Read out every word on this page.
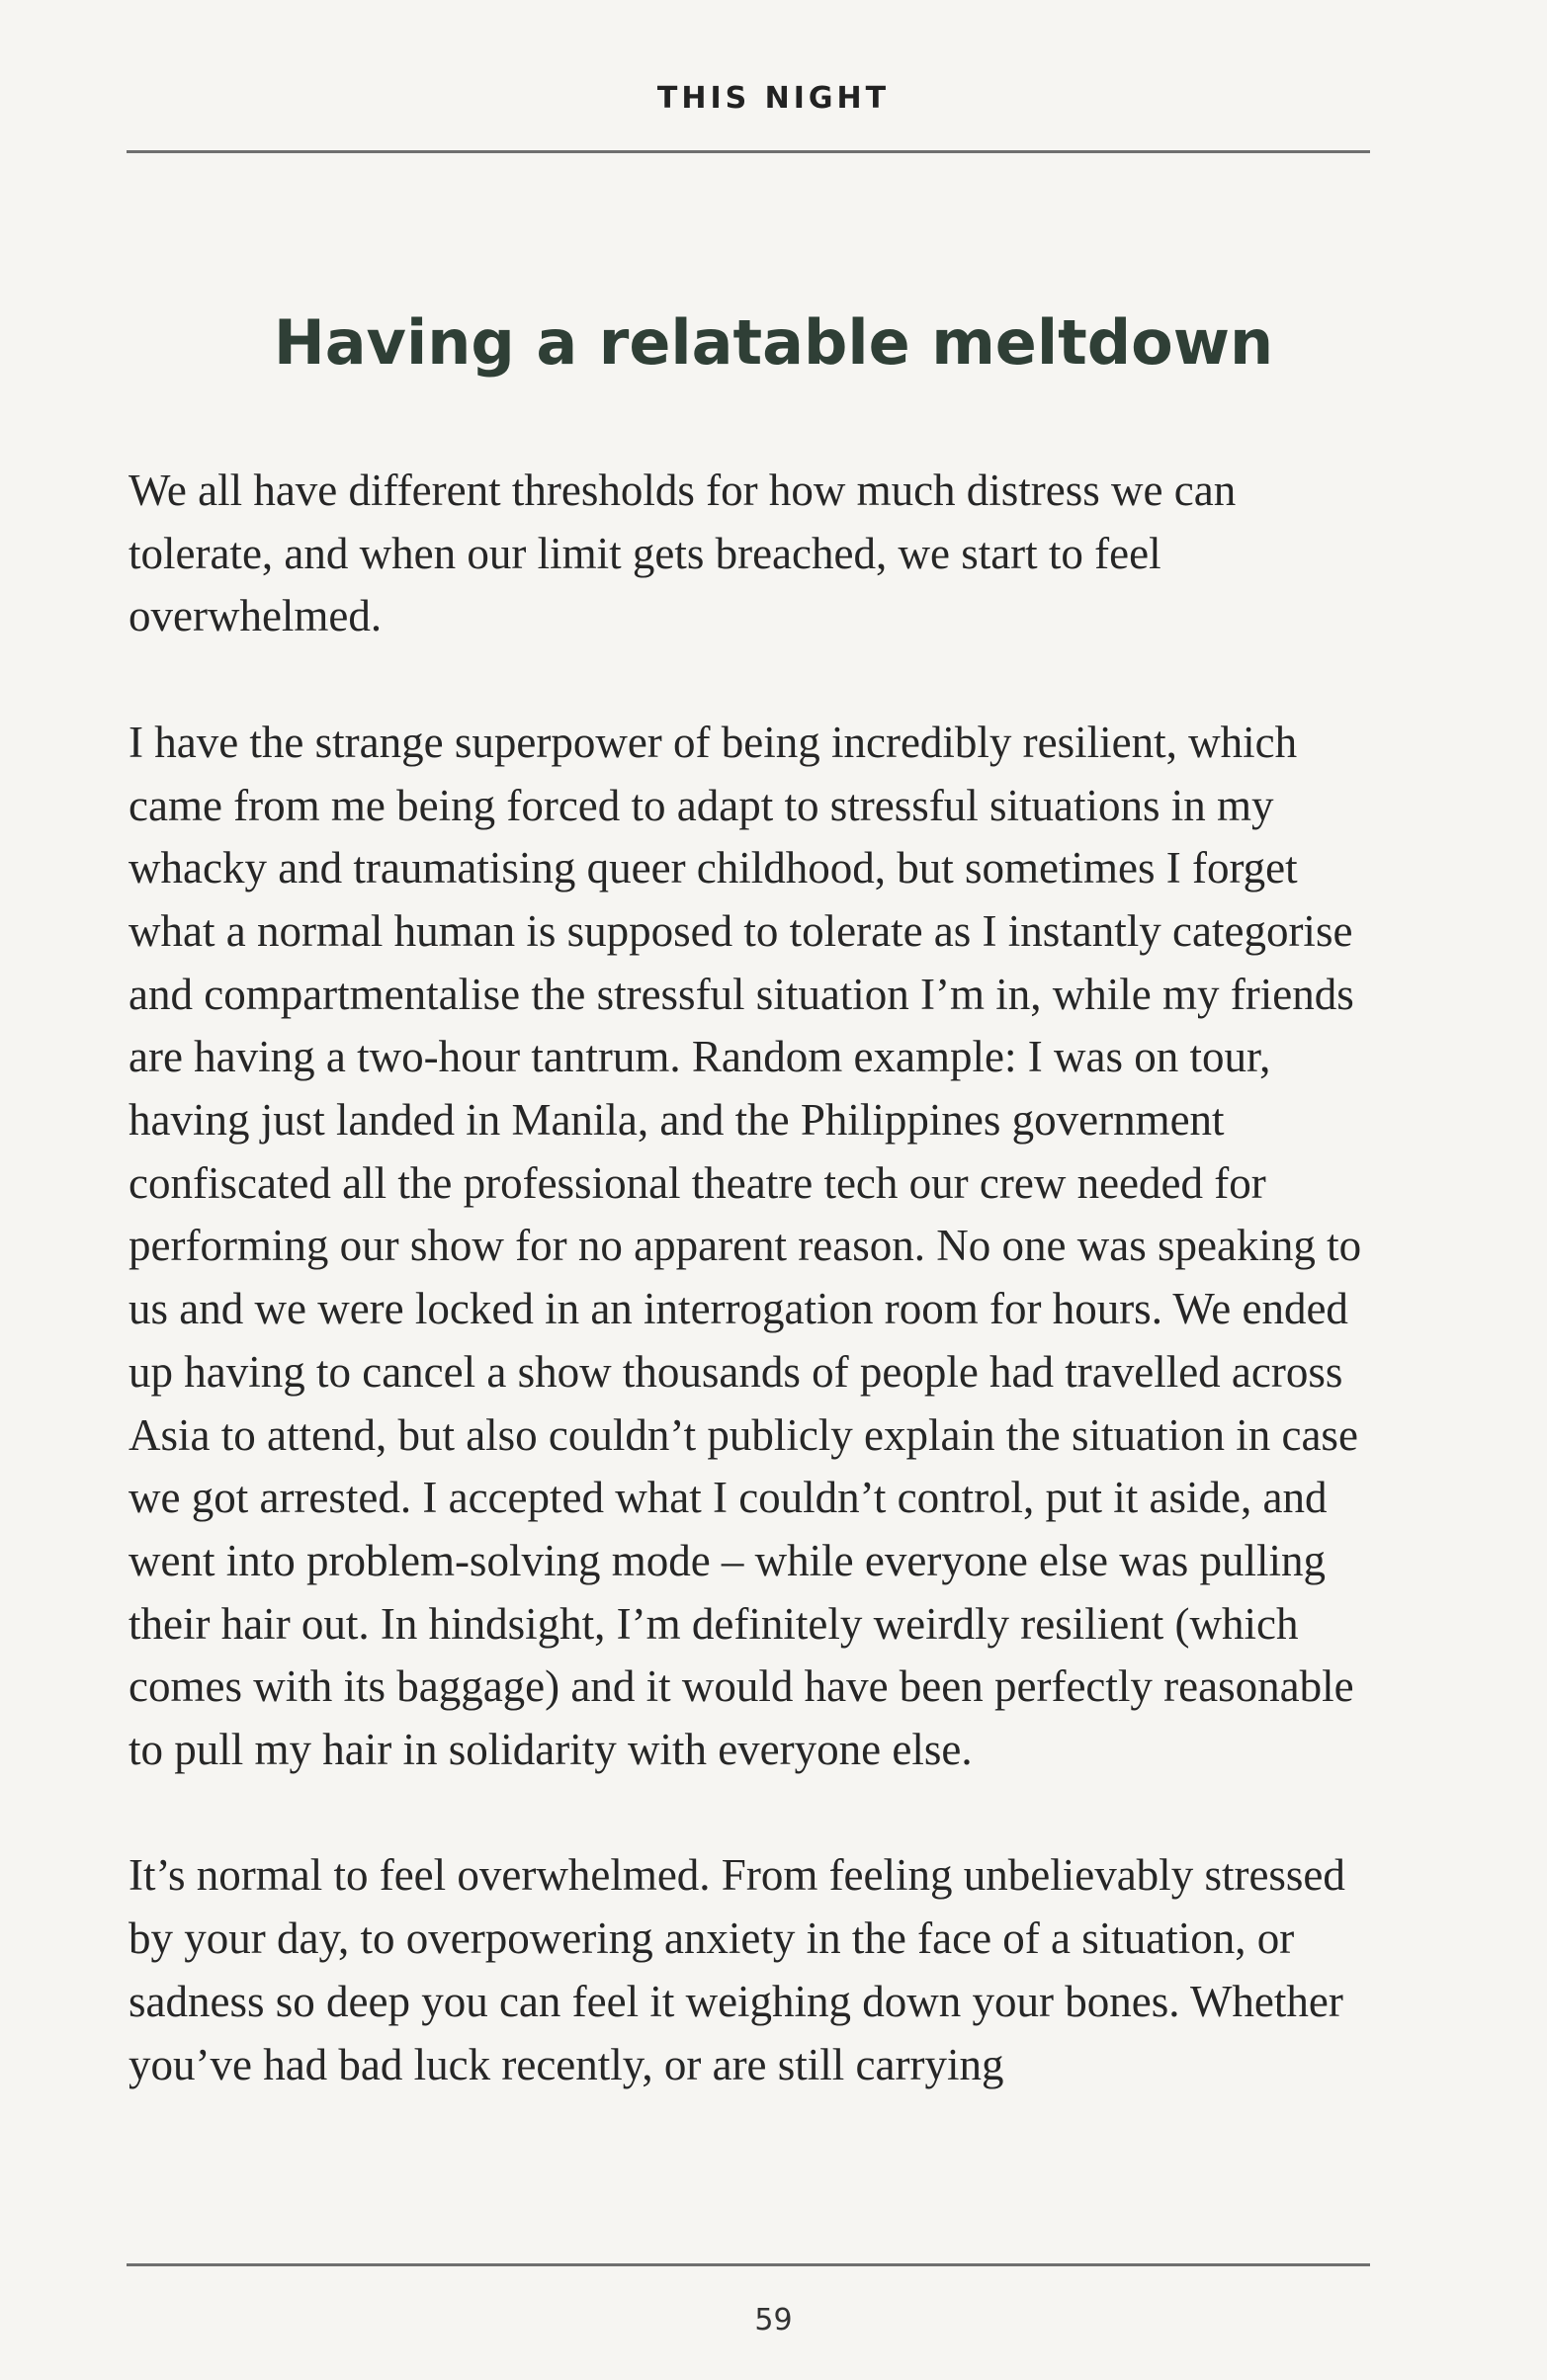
THIS NIGHT
Having a relatable meltdown

We all have different thresholds for how much distress we can tolerate, and when our limit gets breached, we start to feel overwhelmed.

I have the strange superpower of being incredibly resilient, which came from me being forced to adapt to stressful situations in my whacky and traumatising queer childhood, but sometimes I forget what a normal human is supposed to tolerate as I instantly categorise and compartmentalise the stressful situation I’m in, while my friends are having a two-hour tantrum. Random example: I was on tour, having just landed in Manila, and the Philippines government confiscated all the professional theatre tech our crew needed for performing our show for no apparent reason. No one was speaking to us and we were locked in an interrogation room for hours. We ended up having to cancel a show thousands of people had travelled across Asia to attend, but also couldn’t publicly explain the situation in case we got arrested. I accepted what I couldn’t control, put it aside, and went into problem-solving mode – while everyone else was pulling their hair out. In hindsight, I’m definitely weirdly resilient (which comes with its baggage) and it would have been perfectly reasonable to pull my hair in solidarity with everyone else.

It’s normal to feel overwhelmed. From feeling unbelievably stressed by your day, to overpowering anxiety in the face of a situation, or sadness so deep you can feel it weighing down your bones. Whether you’ve had bad luck recently, or are still carrying

59
